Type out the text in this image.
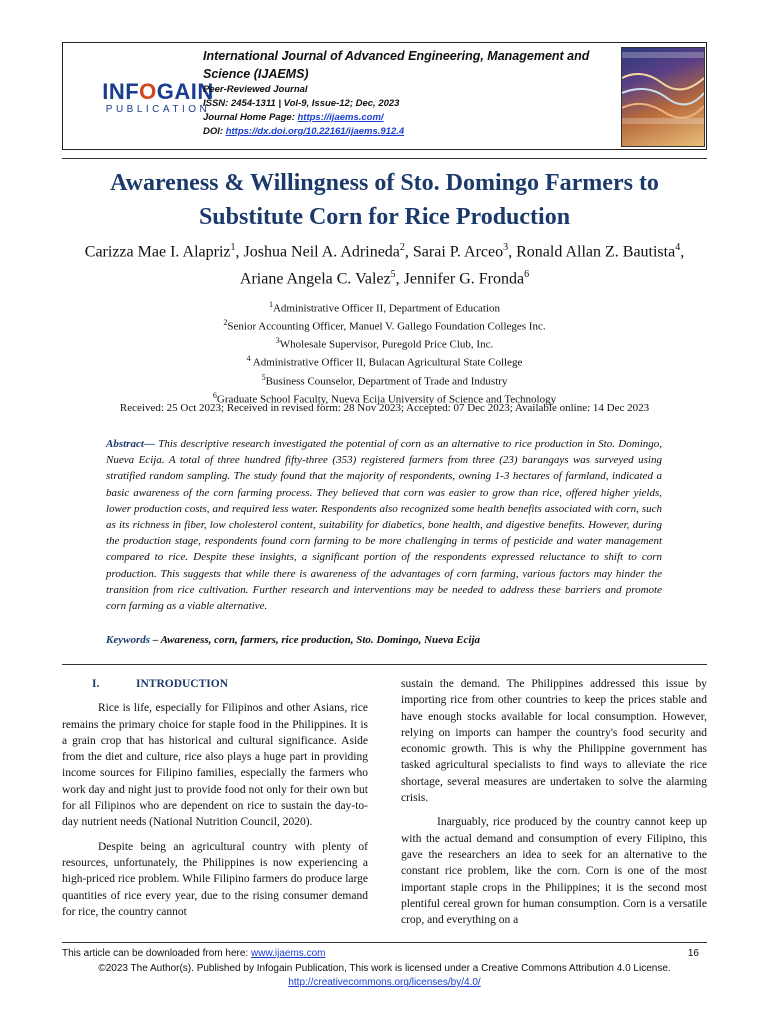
INFOGAIN
PUBLICATION
International Journal of Advanced Engineering, Management and Science (IJAEMS)
Peer-Reviewed Journal
ISSN: 2454-1311 | Vol-9, Issue-12; Dec, 2023
Journal Home Page: https://ijaems.com/
DOI: https://dx.doi.org/10.22161/ijaems.912.4
Awareness & Willingness of Sto. Domingo Farmers to
Substitute Corn for Rice Production
Carizza Mae I. Alapriz$^1$, Joshua Neil A. Adrineda$^2$, Sarai P. Arceo$^3$, Ronald Allan Z. Bautista$^4$, Ariane Angela C. Valez$^5$, Jennifer G. Fronda$^6$
$^1$Administrative Officer II, Department of Education
$^2$Senior Accounting Officer, Manuel V. Gallego Foundation Colleges Inc.
$^3$Wholesale Supervisor, Puregold Price Club, Inc.
$^4$ Administrative Officer II, Bulacan Agricultural State College
$^5$Business Counselor, Department of Trade and Industry
$^6$Graduate School Faculty, Nueva Ecija University of Science and Technology
Received: 25 Oct 2023; Received in revised form: 28 Nov 2023; Accepted: 07 Dec 2023; Available online: 14 Dec 2023
Abstract— This descriptive research investigated the potential of corn as an alternative to rice production in Sto. Domingo, Nueva Ecija. A total of three hundred fifty-three (353) registered farmers from three (23) barangays was surveyed using stratified random sampling. The study found that the majority of respondents, owning 1-3 hectares of farmland, indicated a basic awareness of the corn farming process. They believed that corn was easier to grow than rice, offered higher yields, lower production costs, and required less water. Respondents also recognized some health benefits associated with corn, such as its richness in fiber, low cholesterol content, suitability for diabetics, bone health, and digestive benefits. However, during the production stage, respondents found corn farming to be more challenging in terms of pesticide and water management compared to rice. Despite these insights, a significant portion of the respondents expressed reluctance to shift to corn production. This suggests that while there is awareness of the advantages of corn farming, various factors may hinder the transition from rice cultivation. Further research and interventions may be needed to address these barriers and promote corn farming as a viable alternative.
Keywords – Awareness, corn, farmers, rice production, Sto. Domingo, Nueva Ecija
I.	INTRODUCTION

Rice is life, especially for Filipinos and other Asians, rice remains the primary choice for staple food in the Philippines. It is a grain crop that has historical and cultural significance. Aside from the diet and culture, rice also plays a huge part in providing income sources for Filipino families, especially the farmers who work day and night just to provide food not only for their own but for all Filipinos who are dependent on rice to sustain the day-to-day nutrient needs (National Nutrition Council, 2020).

Despite being an agricultural country with plenty of resources, unfortunately, the Philippines is now experiencing a high-priced rice problem. While Filipino farmers do produce large quantities of rice every year, due to the rising consumer demand for rice, the country cannot

sustain the demand. The Philippines addressed this issue by importing rice from other countries to keep the prices stable and have enough stocks available for local consumption. However, relying on imports can hamper the country's food security and economic growth. This is why the Philippine government has tasked agricultural specialists to find ways to alleviate the rice shortage, several measures are undertaken to solve the alarming crisis.

Inarguably, rice produced by the country cannot keep up with the actual demand and consumption of every Filipino, this gave the researchers an idea to seek for an alternative to the constant rice problem, like the corn. Corn is one of the most important staple crops in the Philippines; it is the second most plentiful cereal grown for human consumption. Corn is a versatile crop, and everything on a

This article can be downloaded from here: www.ijaems.com	16
©2023 The Author(s). Published by Infogain Publication, This work is licensed under a Creative Commons Attribution 4.0 License.
http://creativecommons.org/licenses/by/4.0/
